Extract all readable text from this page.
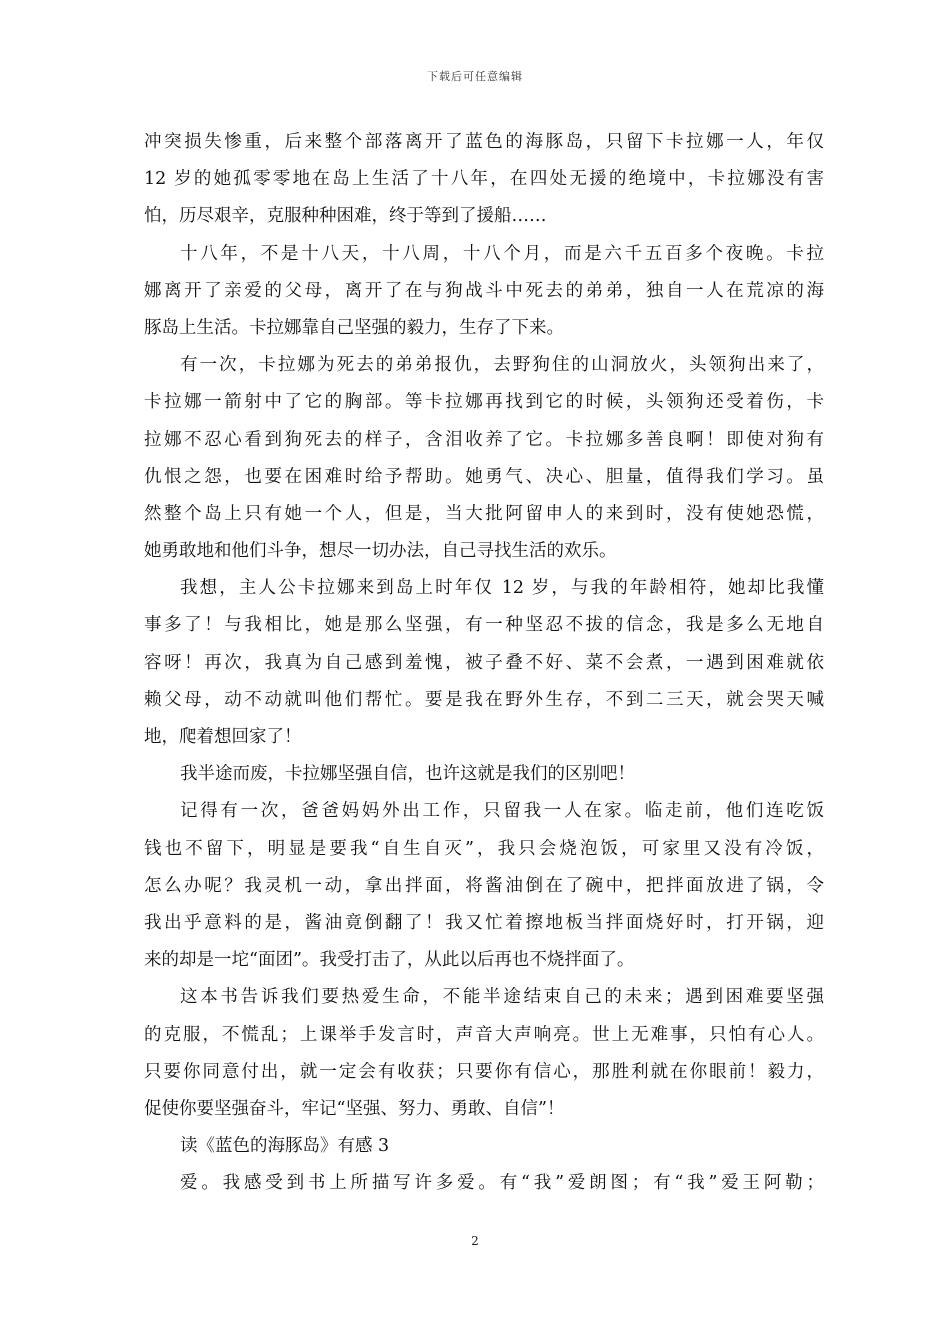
下载后可任意编辑
冲突损失惨重，后来整个部落离开了蓝色的海豚岛，只留下卡拉娜一人，年仅
12 岁的她孤零零地在岛上生活了十八年，在四处无援的绝境中，卡拉娜没有害
怕，历尽艰辛，克服种种困难，终于等到了援船……
十八年，不是十八天，十八周，十八个月，而是六千五百多个夜晚。卡拉
娜离开了亲爱的父母，离开了在与狗战斗中死去的弟弟，独自一人在荒凉的海
豚岛上生活。卡拉娜靠自己坚强的毅力，生存了下来。
有一次，卡拉娜为死去的弟弟报仇，去野狗住的山洞放火，头领狗出来了，
卡拉娜一箭射中了它的胸部。等卡拉娜再找到它的时候，头领狗还受着伤，卡
拉娜不忍心看到狗死去的样子，含泪收养了它。卡拉娜多善良啊！即使对狗有
仇恨之怨，也要在困难时给予帮助。她勇气、决心、胆量，值得我们学习。虽
然整个岛上只有她一个人，但是，当大批阿留申人的来到时，没有使她恐慌，
她勇敢地和他们斗争，想尽一切办法，自己寻找生活的欢乐。
我想，主人公卡拉娜来到岛上时年仅 12 岁，与我的年龄相符，她却比我懂
事多了！与我相比，她是那么坚强，有一种坚忍不拔的信念，我是多么无地自
容呀！再次，我真为自己感到羞愧，被子叠不好、菜不会煮，一遇到困难就依
赖父母，动不动就叫他们帮忙。要是我在野外生存，不到二三天，就会哭天喊
地，爬着想回家了！
我半途而废，卡拉娜坚强自信，也许这就是我们的区别吧！
记得有一次，爸爸妈妈外出工作，只留我一人在家。临走前，他们连吃饭
钱也不留下，明显是要我“自生自灭”，我只会烧泡饭，可家里又没有冷饭，
怎么办呢？我灵机一动，拿出拌面，将酱油倒在了碗中，把拌面放进了锅，令
我出乎意料的是，酱油竟倒翻了！我又忙着擦地板当拌面烧好时，打开锅，迎
来的却是一坨“面团”。我受打击了，从此以后再也不烧拌面了。
这本书告诉我们要热爱生命，不能半途结束自己的未来；遇到困难要坚强
的克服，不慌乱；上课举手发言时，声音大声响亮。世上无难事，只怕有心人。
只要你同意付出，就一定会有收获；只要你有信心，那胜利就在你眼前！毅力，
促使你要坚强奋斗，牢记“坚强、努力、勇敢、自信”！
读《蓝色的海豚岛》有感 3
爱。我感受到书上所描写许多爱。有“我”爱朗图；有“我”爱王阿勒；
2
